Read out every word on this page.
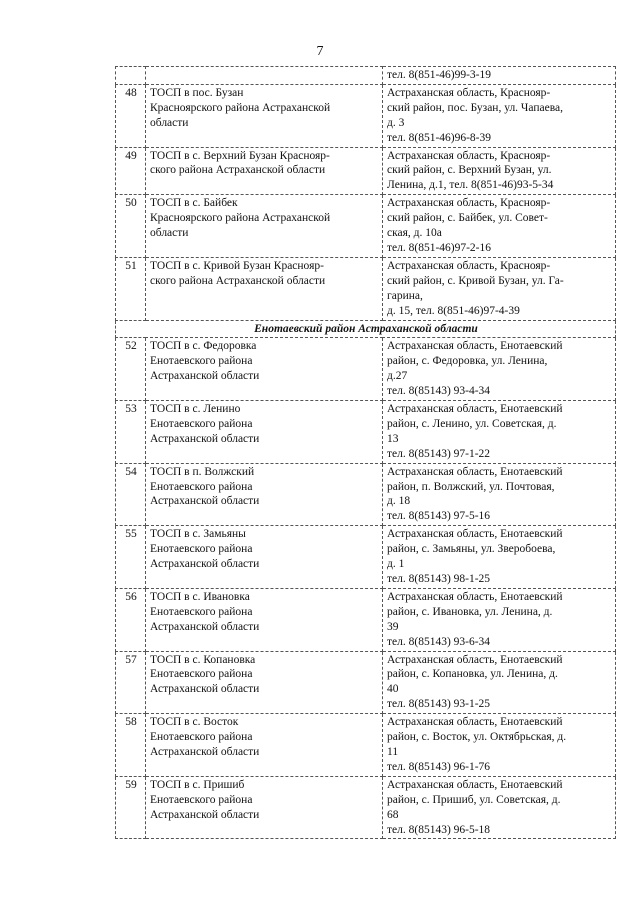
7
		тел. 8(851-46)99-3-19
48	ТОСП в пос. Бузан
Красноярского района Астраханской
области	Астраханская область, Краснояр-
ский район, пос. Бузан, ул. Чапаева,
д. 3
тел. 8(851-46)96-8-39
49	ТОСП в с. Верхний Бузан Краснояр-
ского района Астраханской области	Астраханская область, Краснояр-
ский район, с. Верхний Бузан, ул.
Ленина, д.1, тел. 8(851-46)93-5-34
50	ТОСП в с. Байбек
Красноярского района Астраханской
области	Астраханская область, Краснояр-
ский район, с. Байбек, ул. Совет-
ская, д. 10а
тел. 8(851-46)97-2-16
51	ТОСП в с. Кривой Бузан Краснояр-
ского района Астраханской области	Астраханская область, Краснояр-
ский район, с. Кривой Бузан, ул. Га-
гарина,
д. 15, тел. 8(851-46)97-4-39
Енотаевский район Астраханской области		
52	ТОСП в с. Федоровка
Енотаевского района
Астраханской области	Астраханская область, Енотаевский
район, с. Федоровка, ул. Ленина,
д.27
тел. 8(85143) 93-4-34
53	ТОСП в с. Ленино
Енотаевского района
Астраханской области	Астраханская область, Енотаевский
район, с. Ленино, ул. Советская, д.
13
тел. 8(85143) 97-1-22
54	ТОСП в п. Волжский
Енотаевского района
Астраханской области	Астраханская область, Енотаевский
район, п. Волжский, ул. Почтовая,
д. 18
тел. 8(85143) 97-5-16
55	ТОСП в с. Замьяны
Енотаевского района
Астраханской области	Астраханская область, Енотаевский
район, с. Замьяны, ул. Зверобоева,
д. 1
тел. 8(85143) 98-1-25
56	ТОСП в с. Ивановка
Енотаевского района
Астраханской области	Астраханская область, Енотаевский
район, с. Ивановка, ул. Ленина, д.
39
тел. 8(85143) 93-6-34
57	ТОСП в с. Копановка
Енотаевского района
Астраханской области	Астраханская область, Енотаевский
район, с. Копановка, ул. Ленина, д.
40
тел. 8(85143) 93-1-25
58	ТОСП в с. Восток
Енотаевского района
Астраханской области	Астраханская область, Енотаевский
район, с. Восток, ул. Октябрьская, д.
11
тел. 8(85143) 96-1-76
59	ТОСП в с. Пришиб
Енотаевского района
Астраханской области	Астраханская область, Енотаевский
район, с. Пришиб, ул. Советская, д.
68
тел. 8(85143) 96-5-18
